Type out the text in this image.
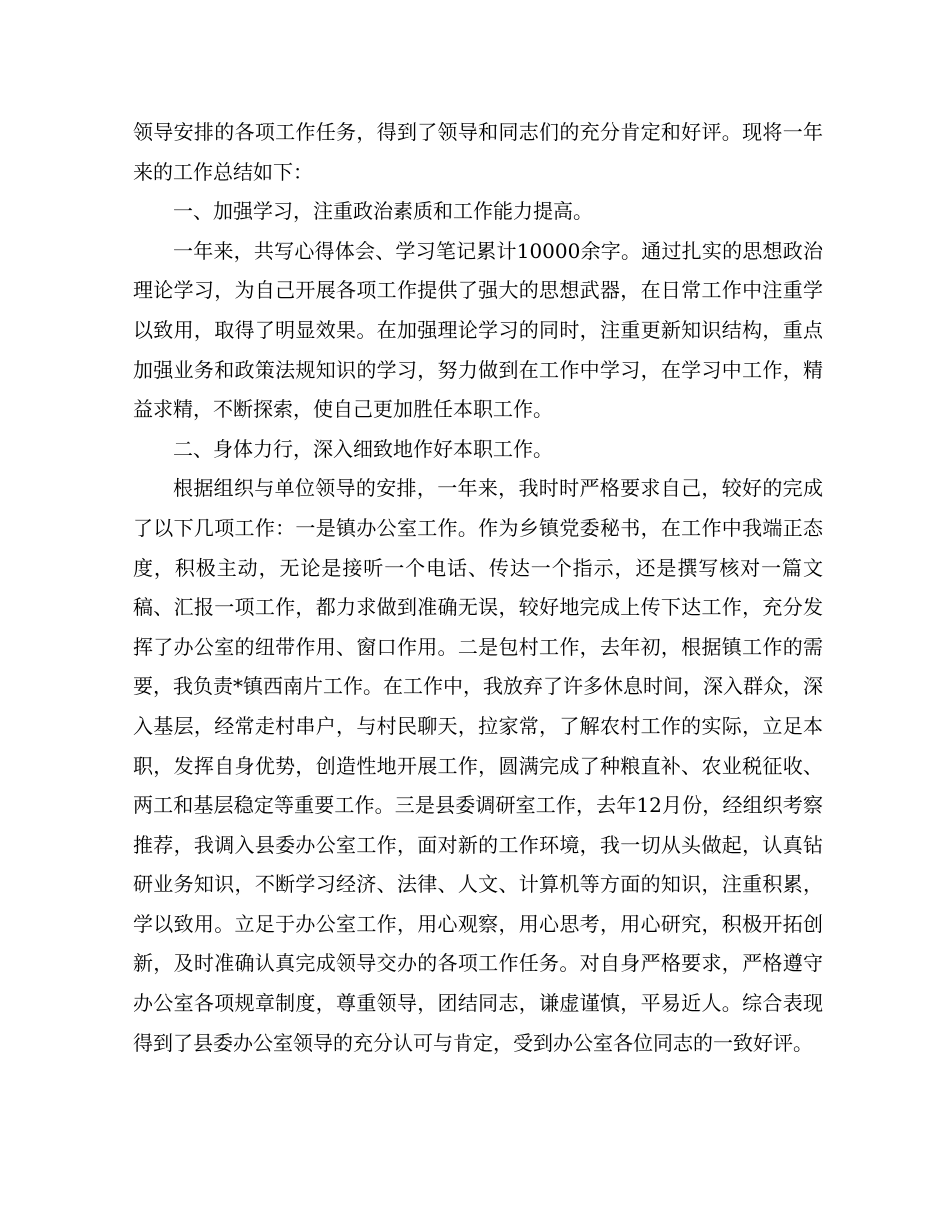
领导安排的各项工作任务，得到了领导和同志们的充分肯定和好评。现将一年来的工作总结如下：

一、加强学习，注重政治素质和工作能力提高。

一年来，共写心得体会、学习笔记累计10000余字。通过扎实的思想政治理论学习，为自己开展各项工作提供了强大的思想武器，在日常工作中注重学以致用，取得了明显效果。在加强理论学习的同时，注重更新知识结构，重点加强业务和政策法规知识的学习，努力做到在工作中学习，在学习中工作，精益求精，不断探索，使自己更加胜任本职工作。

二、身体力行，深入细致地作好本职工作。

根据组织与单位领导的安排，一年来，我时时严格要求自己，较好的完成了以下几项工作：一是镇办公室工作。作为乡镇党委秘书，在工作中我端正态度，积极主动，无论是接听一个电话、传达一个指示，还是撰写核对一篇文稿、汇报一项工作，都力求做到准确无误，较好地完成上传下达工作，充分发挥了办公室的纽带作用、窗口作用。二是包村工作，去年初，根据镇工作的需要，我负责*镇西南片工作。在工作中，我放弃了许多休息时间，深入群众，深入基层，经常走村串户，与村民聊天，拉家常，了解农村工作的实际，立足本职，发挥自身优势，创造性地开展工作，圆满完成了种粮直补、农业税征收、两工和基层稳定等重要工作。三是县委调研室工作，去年12月份，经组织考察推荐，我调入县委办公室工作，面对新的工作环境，我一切从头做起，认真钻研业务知识，不断学习经济、法律、人文、计算机等方面的知识，注重积累，学以致用。立足于办公室工作，用心观察，用心思考，用心研究，积极开拓创新，及时准确认真完成领导交办的各项工作任务。对自身严格要求，严格遵守办公室各项规章制度，尊重领导，团结同志，谦虚谨慎，平易近人。综合表现得到了县委办公室领导的充分认可与肯定，受到办公室各位同志的一致好评。
